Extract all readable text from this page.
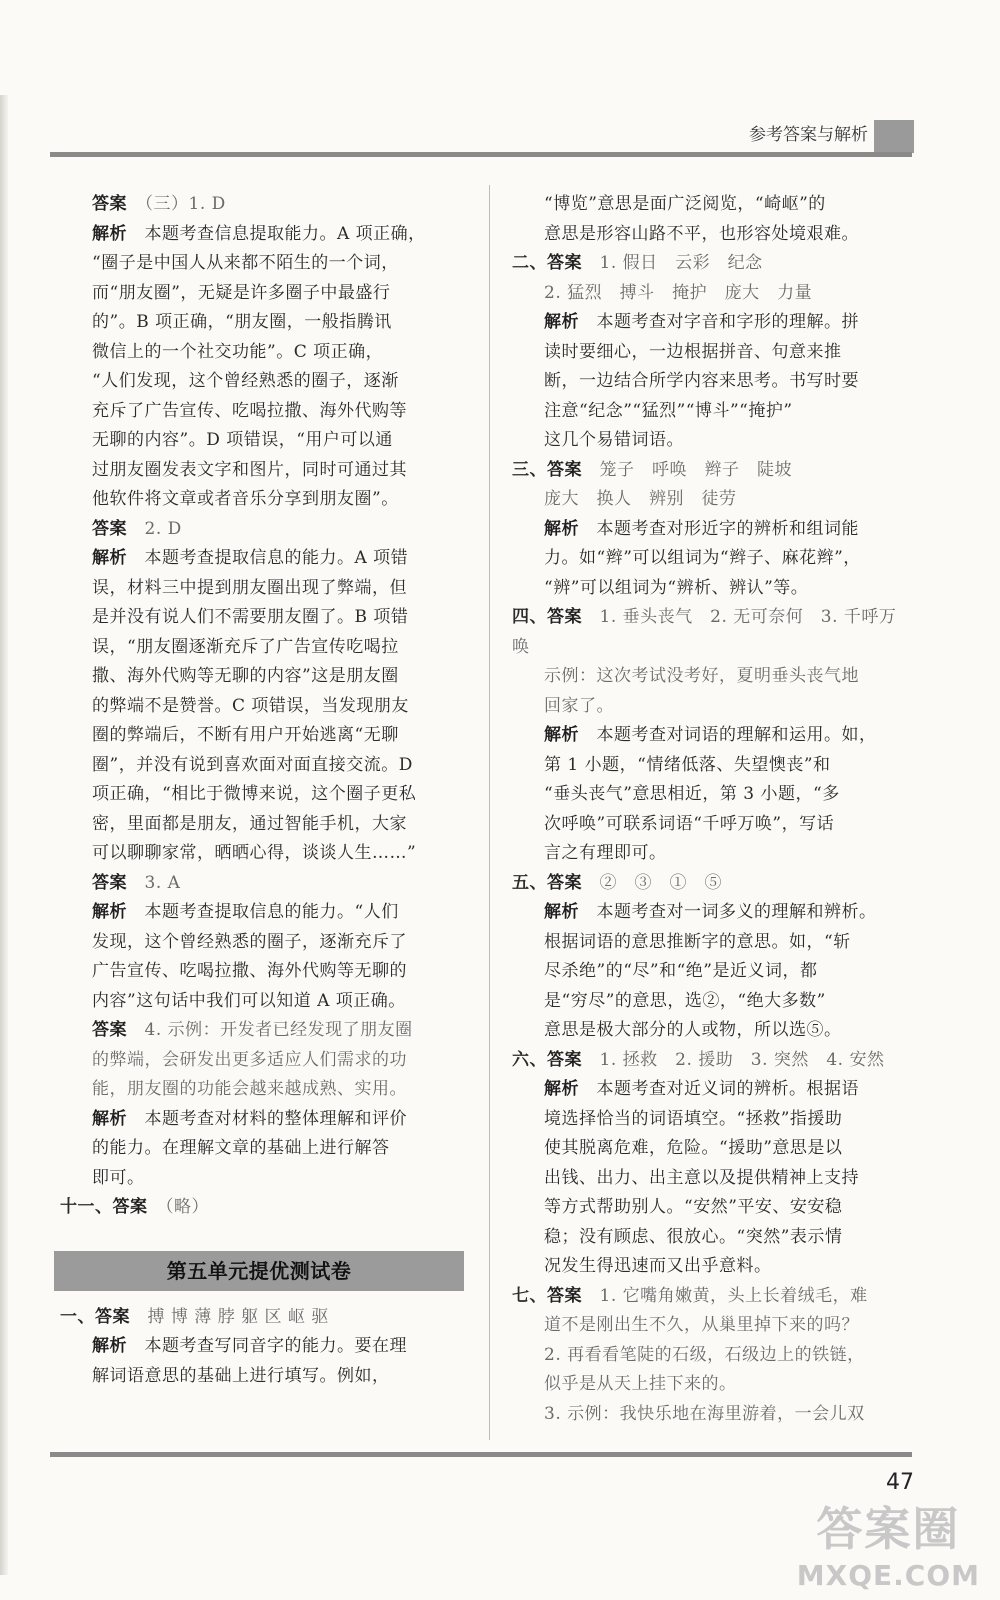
参考答案与解析

答案　 （三）1. D

解析　 本题考查信息提取能力。A 项正确，

“圈子是中国人从来都不陌生的一个词，

而“朋友圈”，无疑是许多圈子中最盛行

的”。B 项正确，“朋友圈，一般指腾讯

微信上的一个社交功能”。C 项正确，

“人们发现，这个曾经熟悉的圈子，逐渐

充斥了广告宣传、吃喝拉撒、海外代购等

无聊的内容”。D 项错误，“用户可以通

过朋友圈发表文字和图片，同时可通过其

他软件将文章或者音乐分享到朋友圈”。

答案　 2. D

解析　 本题考查提取信息的能力。A 项错

误，材料三中提到朋友圈出现了弊端，但

是并没有说人们不需要朋友圈了。B 项错

误，“朋友圈逐渐充斥了广告宣传吃喝拉

撒、海外代购等无聊的内容”这是朋友圈

的弊端不是赞誉。C 项错误，当发现朋友

圈的弊端后，不断有用户开始逃离“无聊

圈”，并没有说到喜欢面对面直接交流。D

项正确，“相比于微博来说，这个圈子更私

密，里面都是朋友，通过智能手机，大家

可以聊聊家常，晒晒心得，谈谈人生……”

答案　 3. A

解析　 本题考查提取信息的能力。“人们

发现，这个曾经熟悉的圈子，逐渐充斥了

广告宣传、吃喝拉撒、海外代购等无聊的

内容”这句话中我们可以知道 A 项正确。

答案　 4. 示例：开发者已经发现了朋友圈

的弊端，会研发出更多适应人们需求的功

能，朋友圈的功能会越来越成熟、实用。

解析　 本题考查对材料的整体理解和评价

的能力。在理解文章的基础上进行解答

即可。

十一、答案　 （略）

第五单元提优测试卷

一、答案　 搏 博 薄 脖 躯 区 岖 驱

解析　 本题考查写同音字的能力。要在理

解词语意思的基础上进行填写。例如，

“博览”意思是面广泛阅览，“崎岖”的

意思是形容山路不平，也形容处境艰难。

二、答案　 1. 假日　云彩　纪念

2. 猛烈　搏斗　掩护　庞大　力量

解析　 本题考查对字音和字形的理解。拼

读时要细心，一边根据拼音、句意来推

断，一边结合所学内容来思考。书写时要

注意“纪念”“猛烈”“博斗”“掩护”

这几个易错词语。

三、答案　 笼子　呼唤　辫子　陡坡

庞大　换人　辨别　徒劳

解析　 本题考查对形近字的辨析和组词能

力。如“辫”可以组词为“辫子、麻花辫”，

“辨”可以组词为“辨析、辨认”等。

四、答案　 1. 垂头丧气　2. 无可奈何　3. 千呼万唤

示例：这次考试没考好，夏明垂头丧气地

回家了。

解析　 本题考查对词语的理解和运用。如，

第 1 小题，“情绪低落、失望懊丧”和

“垂头丧气”意思相近，第 3 小题，“多

次呼唤”可联系词语“千呼万唤”，写话

言之有理即可。

五、答案　 ②　③　①　⑤

解析　 本题考查对一词多义的理解和辨析。

根据词语的意思推断字的意思。如，“斩

尽杀绝”的“尽”和“绝”是近义词，都

是“穷尽”的意思，选②，“绝大多数”

意思是极大部分的人或物，所以选⑤。

六、答案　 1. 拯救　2. 援助　3. 突然　4. 安然

解析　 本题考查对近义词的辨析。根据语

境选择恰当的词语填空。“拯救”指援助

使其脱离危难，危险。“援助”意思是以

出钱、出力、出主意以及提供精神上支持

等方式帮助别人。“安然”平安、安安稳

稳；没有顾虑、很放心。“突然”表示情

况发生得迅速而又出乎意料。

七、答案　 1. 它嘴角嫩黄，头上长着绒毛，难

道不是刚出生不久，从巢里掉下来的吗？

2. 再看看笔陡的石级，石级边上的铁链，

似乎是从天上挂下来的。

3. 示例：我快乐地在海里游着，一会儿双

47
答案圈
MXQE.COM
